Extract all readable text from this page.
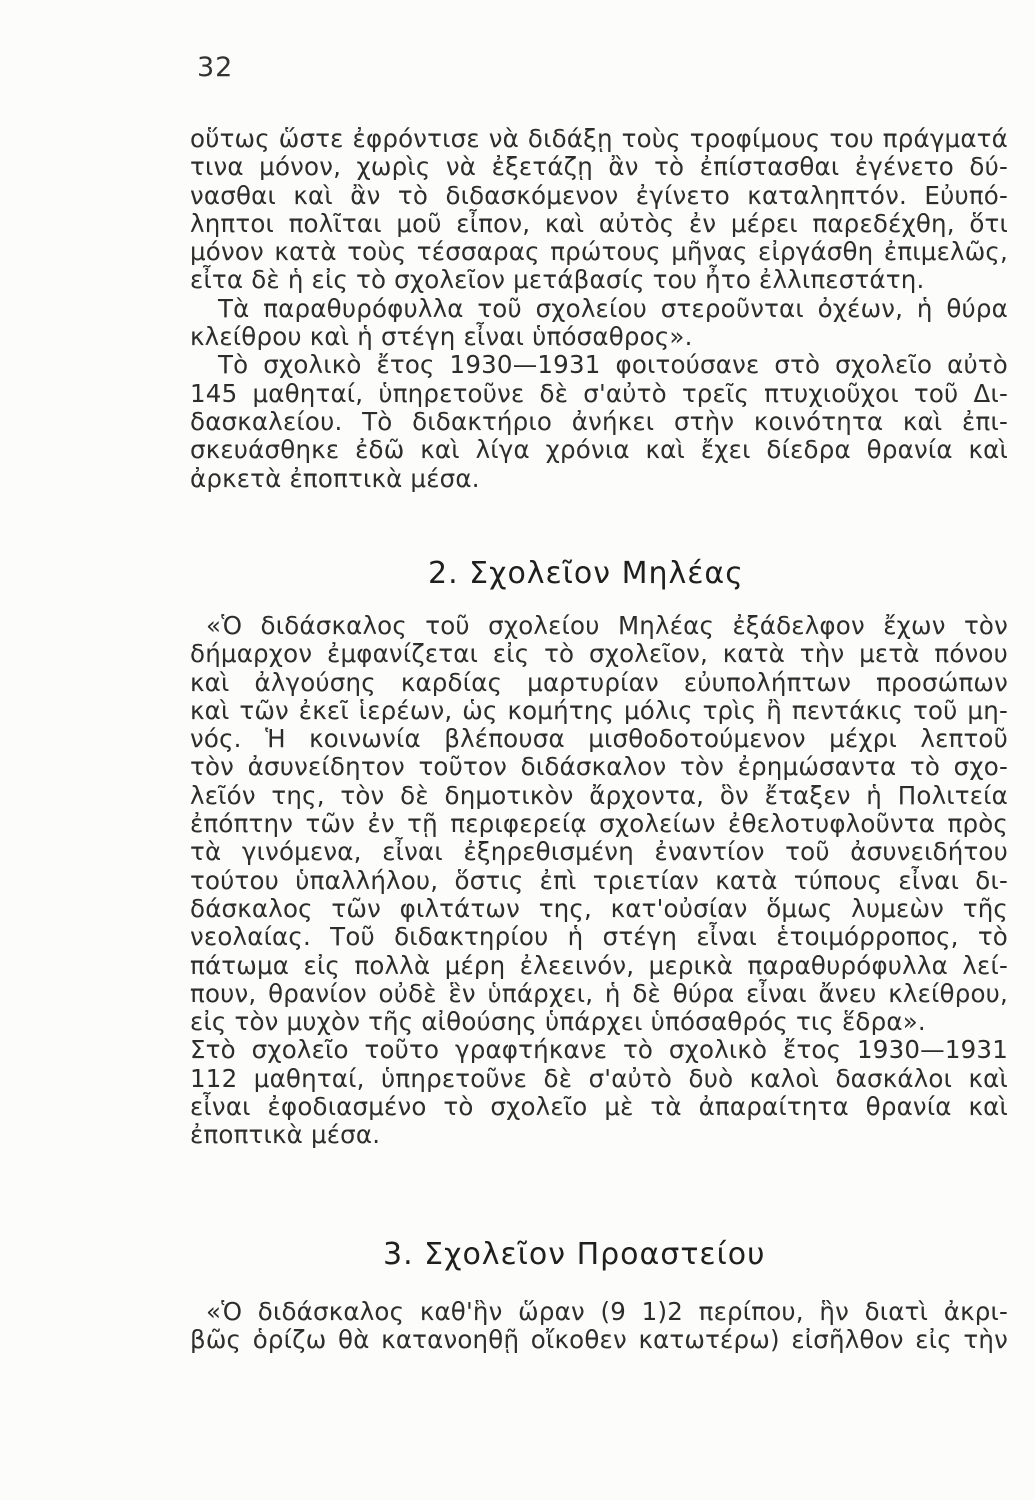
32
οὕτως ὥστε ἐφρόντισε νὰ διδάξῃ τοὺς τροφίμους του πράγματά
τινα μόνον, χωρὶς νὰ ἐξετάζῃ ἂν τὸ ἐπίστασθαι ἐγένετο δύ-
νασθαι καὶ ἂν τὸ διδασκόμενον ἐγίνετο καταληπτόν. Εὐυπό-
ληπτοι πολῖται μοῦ εἶπον, καὶ αὐτὸς ἐν μέρει παρεδέχθη, ὅτι
μόνον κατὰ τοὺς τέσσαρας πρώτους μῆνας εἰργάσθη ἐπιμελῶς,
εἶτα δὲ ἡ εἰς τὸ σχολεῖον μετάβασίς του ἦτο ἐλλιπεστάτη.
Τὰ παραθυρόφυλλα τοῦ σχολείου στεροῦνται ὀχέων, ἡ θύρα
κλείθρου καὶ ἡ στέγη εἶναι ὑπόσαθρος».
Τὸ σχολικὸ ἔτος 1930—1931 φοιτούσανε στὸ σχολεῖο αὐτὸ
145 μαθηταί, ὑπηρετοῦνε δὲ σ'αὐτὸ τρεῖς πτυχιοῦχοι τοῦ Δι-
δασκαλείου. Τὸ διδακτήριο ἀνήκει στὴν κοινότητα καὶ ἐπι-
σκευάσθηκε ἐδῶ καὶ λίγα χρόνια καὶ ἔχει δίεδρα θρανία καὶ
ἀρκετὰ ἐποπτικὰ μέσα.
2. Σχολεῖον Μηλέας
«Ὁ διδάσκαλος τοῦ σχολείου Μηλέας ἐξάδελφον ἔχων τὸν
δήμαρχον ἐμφανίζεται εἰς τὸ σχολεῖον, κατὰ τὴν μετὰ πόνου
καὶ ἀλγούσης καρδίας μαρτυρίαν εὐυπολήπτων προσώπων
καὶ τῶν ἐκεῖ ἱερέων, ὡς κομήτης μόλις τρὶς ἢ πεντάκις τοῦ μη-
νός. Ἡ κοινωνία βλέπουσα μισθοδοτούμενον μέχρι λεπτοῦ
τὸν ἀσυνείδητον τοῦτον διδάσκαλον τὸν ἐρημώσαντα τὸ σχο-
λεῖόν της, τὸν δὲ δημοτικὸν ἄρχοντα, ὃν ἔταξεν ἡ Πολιτεία
ἐπόπτην τῶν ἐν τῇ περιφερείᾳ σχολείων ἐθελοτυφλοῦντα πρὸς
τὰ γινόμενα, εἶναι ἐξηρεθισμένη ἐναντίον τοῦ ἀσυνειδήτου
τούτου ὑπαλλήλου, ὅστις ἐπὶ τριετίαν κατὰ τύπους εἶναι δι-
δάσκαλος τῶν φιλτάτων της, κατ'οὐσίαν ὅμως λυμεὼν τῆς
νεολαίας. Τοῦ διδακτηρίου ἡ στέγη εἶναι ἑτοιμόρροπος, τὸ
πάτωμα εἰς πολλὰ μέρη ἐλεεινόν, μερικὰ παραθυρόφυλλα λεί-
πουν, θρανίον οὐδὲ ἓν ὑπάρχει, ἡ δὲ θύρα εἶναι ἄνευ κλείθρου,
εἰς τὸν μυχὸν τῆς αἰθούσης ὑπάρχει ὑπόσαθρός τις ἕδρα».
Στὸ σχολεῖο τοῦτο γραφτήκανε τὸ σχολικὸ ἔτος 1930—1931
112 μαθηταί, ὑπηρετοῦνε δὲ σ'αὐτὸ δυὸ καλοὶ δασκάλοι καὶ
εἶναι ἐφοδιασμένο τὸ σχολεῖο μὲ τὰ ἀπαραίτητα θρανία καὶ
ἐποπτικὰ μέσα.
3. Σχολεῖον Προαστείου
«Ὁ διδάσκαλος καθ'ἣν ὥραν (9 1)2 περίπου, ἣν διατὶ ἀκρι-
βῶς ὁρίζω θὰ κατανοηθῇ οἴκοθεν κατωτέρω) εἰσῆλθον εἰς τὴν
